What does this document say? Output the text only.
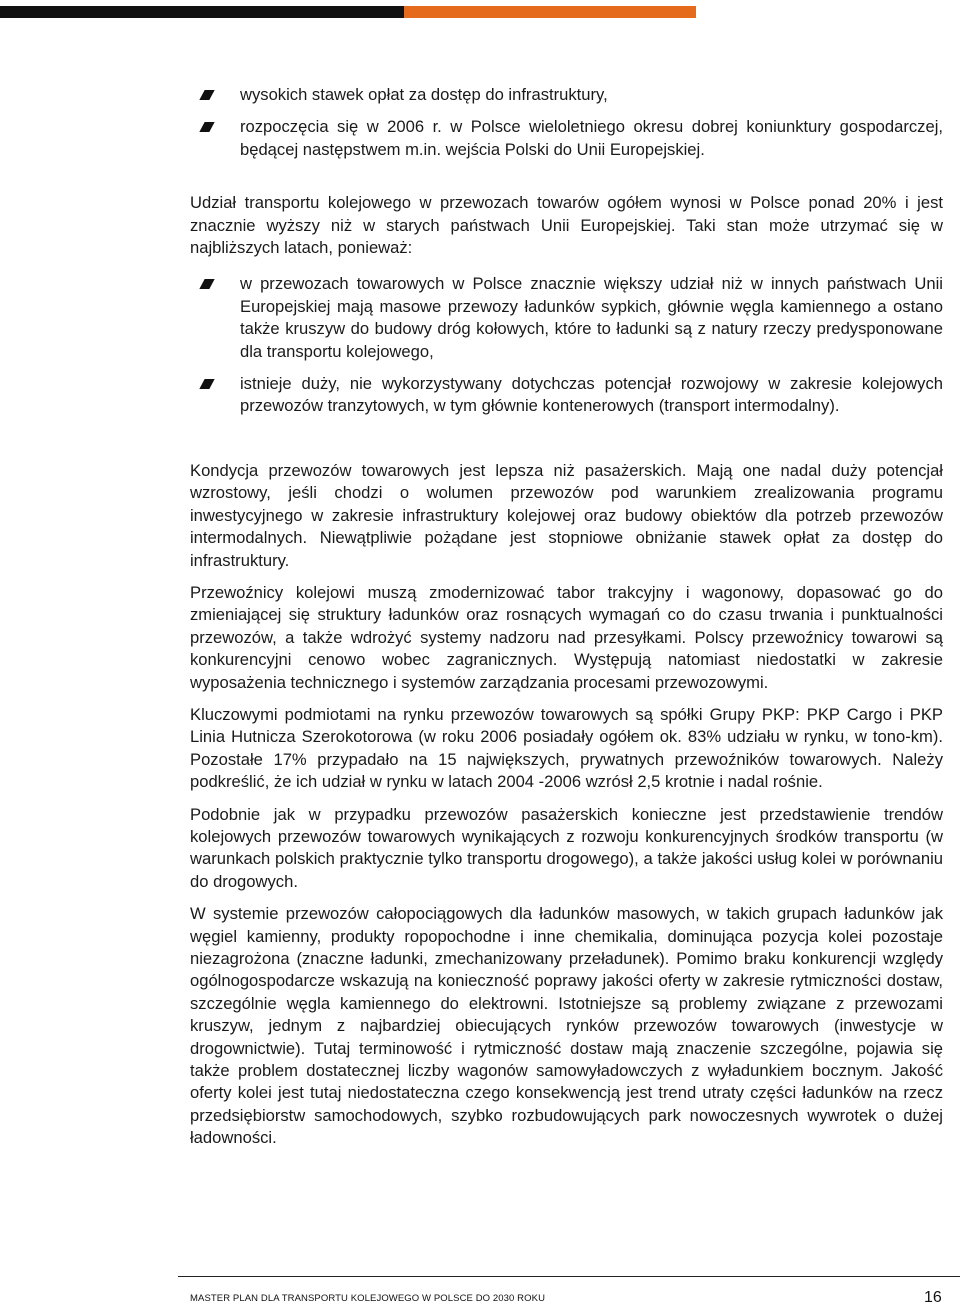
wysokich stawek opłat za dostęp do infrastruktury,

rozpoczęcia się w 2006 r. w Polsce wieloletniego okresu dobrej koniunktury gospodarczej, będącej następstwem m.in. wejścia Polski do Unii Europejskiej.

Udział transportu kolejowego w przewozach towarów ogółem wynosi w Polsce ponad 20% i jest znacznie wyższy niż w starych państwach Unii Europejskiej. Taki stan może utrzymać się w najbliższych latach, ponieważ:

w przewozach towarowych w Polsce znacznie większy udział niż w innych państwach Unii Europejskiej mają masowe przewozy ładunków sypkich, głównie węgla kamiennego a ostano także kruszyw do budowy dróg kołowych, które to ładunki są z natury rzeczy predysponowane dla transportu kolejowego,

istnieje duży, nie wykorzystywany dotychczas potencjał rozwojowy w zakresie kolejowych przewozów tranzytowych, w tym głównie kontenerowych (transport intermodalny).

Kondycja przewozów towarowych jest lepsza niż pasażerskich. Mają one nadal duży potencjał wzrostowy, jeśli chodzi o wolumen przewozów pod warunkiem zrealizowania programu inwestycyjnego w zakresie infrastruktury kolejowej oraz budowy obiektów dla potrzeb przewozów intermodalnych. Niewątpliwie pożądane jest stopniowe obniżanie stawek opłat za dostęp do infrastruktury.

Przewoźnicy kolejowi muszą zmodernizować tabor trakcyjny i wagonowy, dopasować go do zmieniającej się struktury ładunków oraz rosnących wymagań co do czasu trwania i punktualności przewozów, a także wdrożyć systemy nadzoru nad przesyłkami. Polscy przewoźnicy towarowi są konkurencyjni cenowo wobec zagranicznych. Występują natomiast niedostatki w zakresie wyposażenia technicznego i systemów zarządzania procesami przewozowymi.

Kluczowymi podmiotami na rynku przewozów towarowych są spółki Grupy PKP: PKP Cargo i PKP Linia Hutnicza Szerokotorowa (w roku 2006 posiadały ogółem ok. 83% udziału w rynku, w tono-km). Pozostałe 17% przypadało na 15 największych, prywatnych przewoźników towarowych. Należy podkreślić, że ich udział w rynku w latach 2004 -2006 wzrósł 2,5 krotnie i nadal rośnie.

Podobnie jak w przypadku przewozów pasażerskich konieczne jest przedstawienie trendów kolejowych przewozów towarowych wynikających z rozwoju konkurencyjnych środków transportu (w warunkach polskich praktycznie tylko transportu drogowego), a także jakości usług kolei w porównaniu do drogowych.

W systemie przewozów całopociągowych dla ładunków masowych, w takich grupach ładunków jak węgiel kamienny, produkty ropopochodne i inne chemikalia, dominująca pozycja kolei pozostaje niezagrożona (znaczne ładunki, zmechanizowany przeładunek). Pomimo braku konkurencji względy ogólnogospodarcze wskazują na konieczność poprawy jakości oferty w zakresie rytmiczności dostaw, szczególnie węgla kamiennego do elektrowni. Istotniejsze są problemy związane z przewozami kruszyw, jednym z najbardziej obiecujących rynków przewozów towarowych (inwestycje w drogownictwie). Tutaj terminowość i rytmiczność dostaw mają znaczenie szczególne, pojawia się także problem dostatecznej liczby wagonów samowyładowczych z wyładunkiem bocznym. Jakość oferty kolei jest tutaj niedostateczna czego konsekwencją jest trend utraty części ładunków na rzecz przedsiębiorstw samochodowych, szybko rozbudowujących park nowoczesnych wywrotek o dużej ładowności.

MASTER PLAN DLA TRANSPORTU KOLEJOWEGO W POLSCE DO 2030 ROKU	16
